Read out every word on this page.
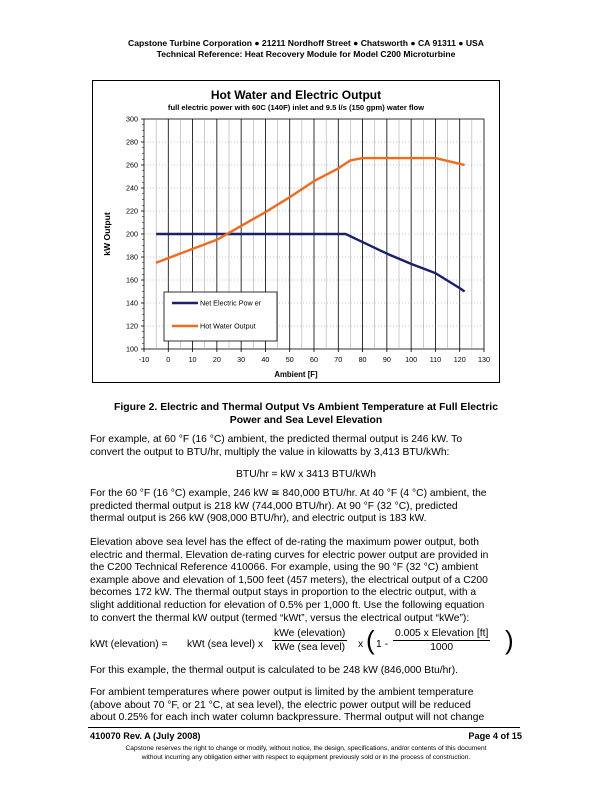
Capstone Turbine Corporation ● 21211 Nordhoff Street ● Chatsworth ● CA 91311 ● USA
Technical Reference: Heat Recovery Module for Model C200 Microturbine
Hot Water and Electric Output
full electric power with 60C (140F) inlet and 9.5 l/s (150 gpm) water flow
100
120
140
160
180
200
220
240
260
280
300
-10 0	10 20 30 40 50 60 70 80 90 100 110 120 130
Ambient [F]
kW Output
Net Electric Pow er
Hot Water Output
Figure 2. Electric and Thermal Output Vs Ambient Temperature at Full Electric
Power and Sea Level Elevation
For example, at 60 °F (16 °C) ambient, the predicted thermal output is 246 kW. To
convert the output to BTU/hr, multiply the value in kilowatts by 3,413 BTU/kWh:
BTU/hr = kW x 3413 BTU/kWh
For the 60 °F (16 °C) example, 246 kW ≅ 840,000 BTU/hr. At 40 °F (4 °C) ambient, the
predicted thermal output is 218 kW (744,000 BTU/hr). At 90 °F (32 °C), predicted
thermal output is 266 kW (908,000 BTU/hr), and electric output is 183 kW.
Elevation above sea level has the effect of de-rating the maximum power output, both
electric and thermal. Elevation de-rating curves for electric power output are provided in
the C200 Technical Reference 410066. For example, using the 90 °F (32 °C) ambient
example above and elevation of 1,500 feet (457 meters), the electrical output of a C200
becomes 172 kW. The thermal output stays in proportion to the electric output, with a
slight additional reduction for elevation of 0.5% per 1,000 ft. Use the following equation
to convert the thermal kW output (termed “kWt”, versus the electrical output “kWe”):
kWt (elevation) = kWt (sea level) x
kWe (elevation)
kWe (sea level) x ( 1 -
0.005 x Elevation [ft]
1000	)
For this example, the thermal output is calculated to be 248 kW (846,000 Btu/hr).
For ambient temperatures where power output is limited by the ambient temperature
(above about 70 °F, or 21 °C, at sea level), the electric power output will be reduced
about 0.25% for each inch water column backpressure. Thermal output will not change
410070 Rev. A (July 2008)	Page 4 of 15
Capstone reserves the right to change or modify, without notice, the design, specifications, and/or contents of this document
without incurring any obligation either with respect to equipment previously sold or in the process of construction.
